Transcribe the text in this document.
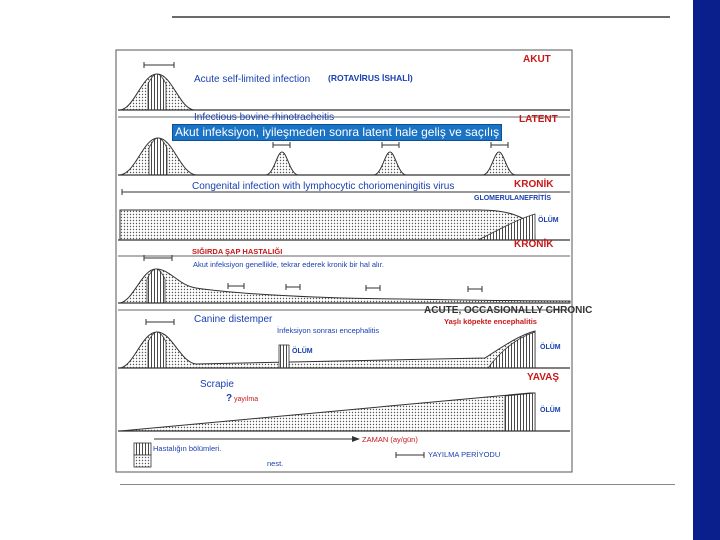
AKUT
Acute self-limited infection (ROTAVİRUS İSHALİ)
Infectious bovine rhinotracheitis	LATENT
Congenital infection with lymphocytic choriomeningitis virus	KRONİK
GLOMERULANEFRİTİS
ÖLÜM
KRONİK
SIĞIRDA ŞAP HASTALIĞI
Akut infeksiyon genellikle, tekrar ederek kronik bir hal alır.
ACUTE, OCCASIONALLY CHRONIC
Canine distemper	Yaşlı köpekte encephalitis
İnfeksiyon sonrası encephalitis
ÖLÜM
ÖLÜM
YAVAŞ
Scrapie
? yayılma
ÖLÜM
Hastalığın bölümleri.
ZAMAN (ay/gün)
YAYILMA PERİYODU
nest.
Akut infeksiyon, iyileşmeden sonra latent hale geliş ve saçılış
